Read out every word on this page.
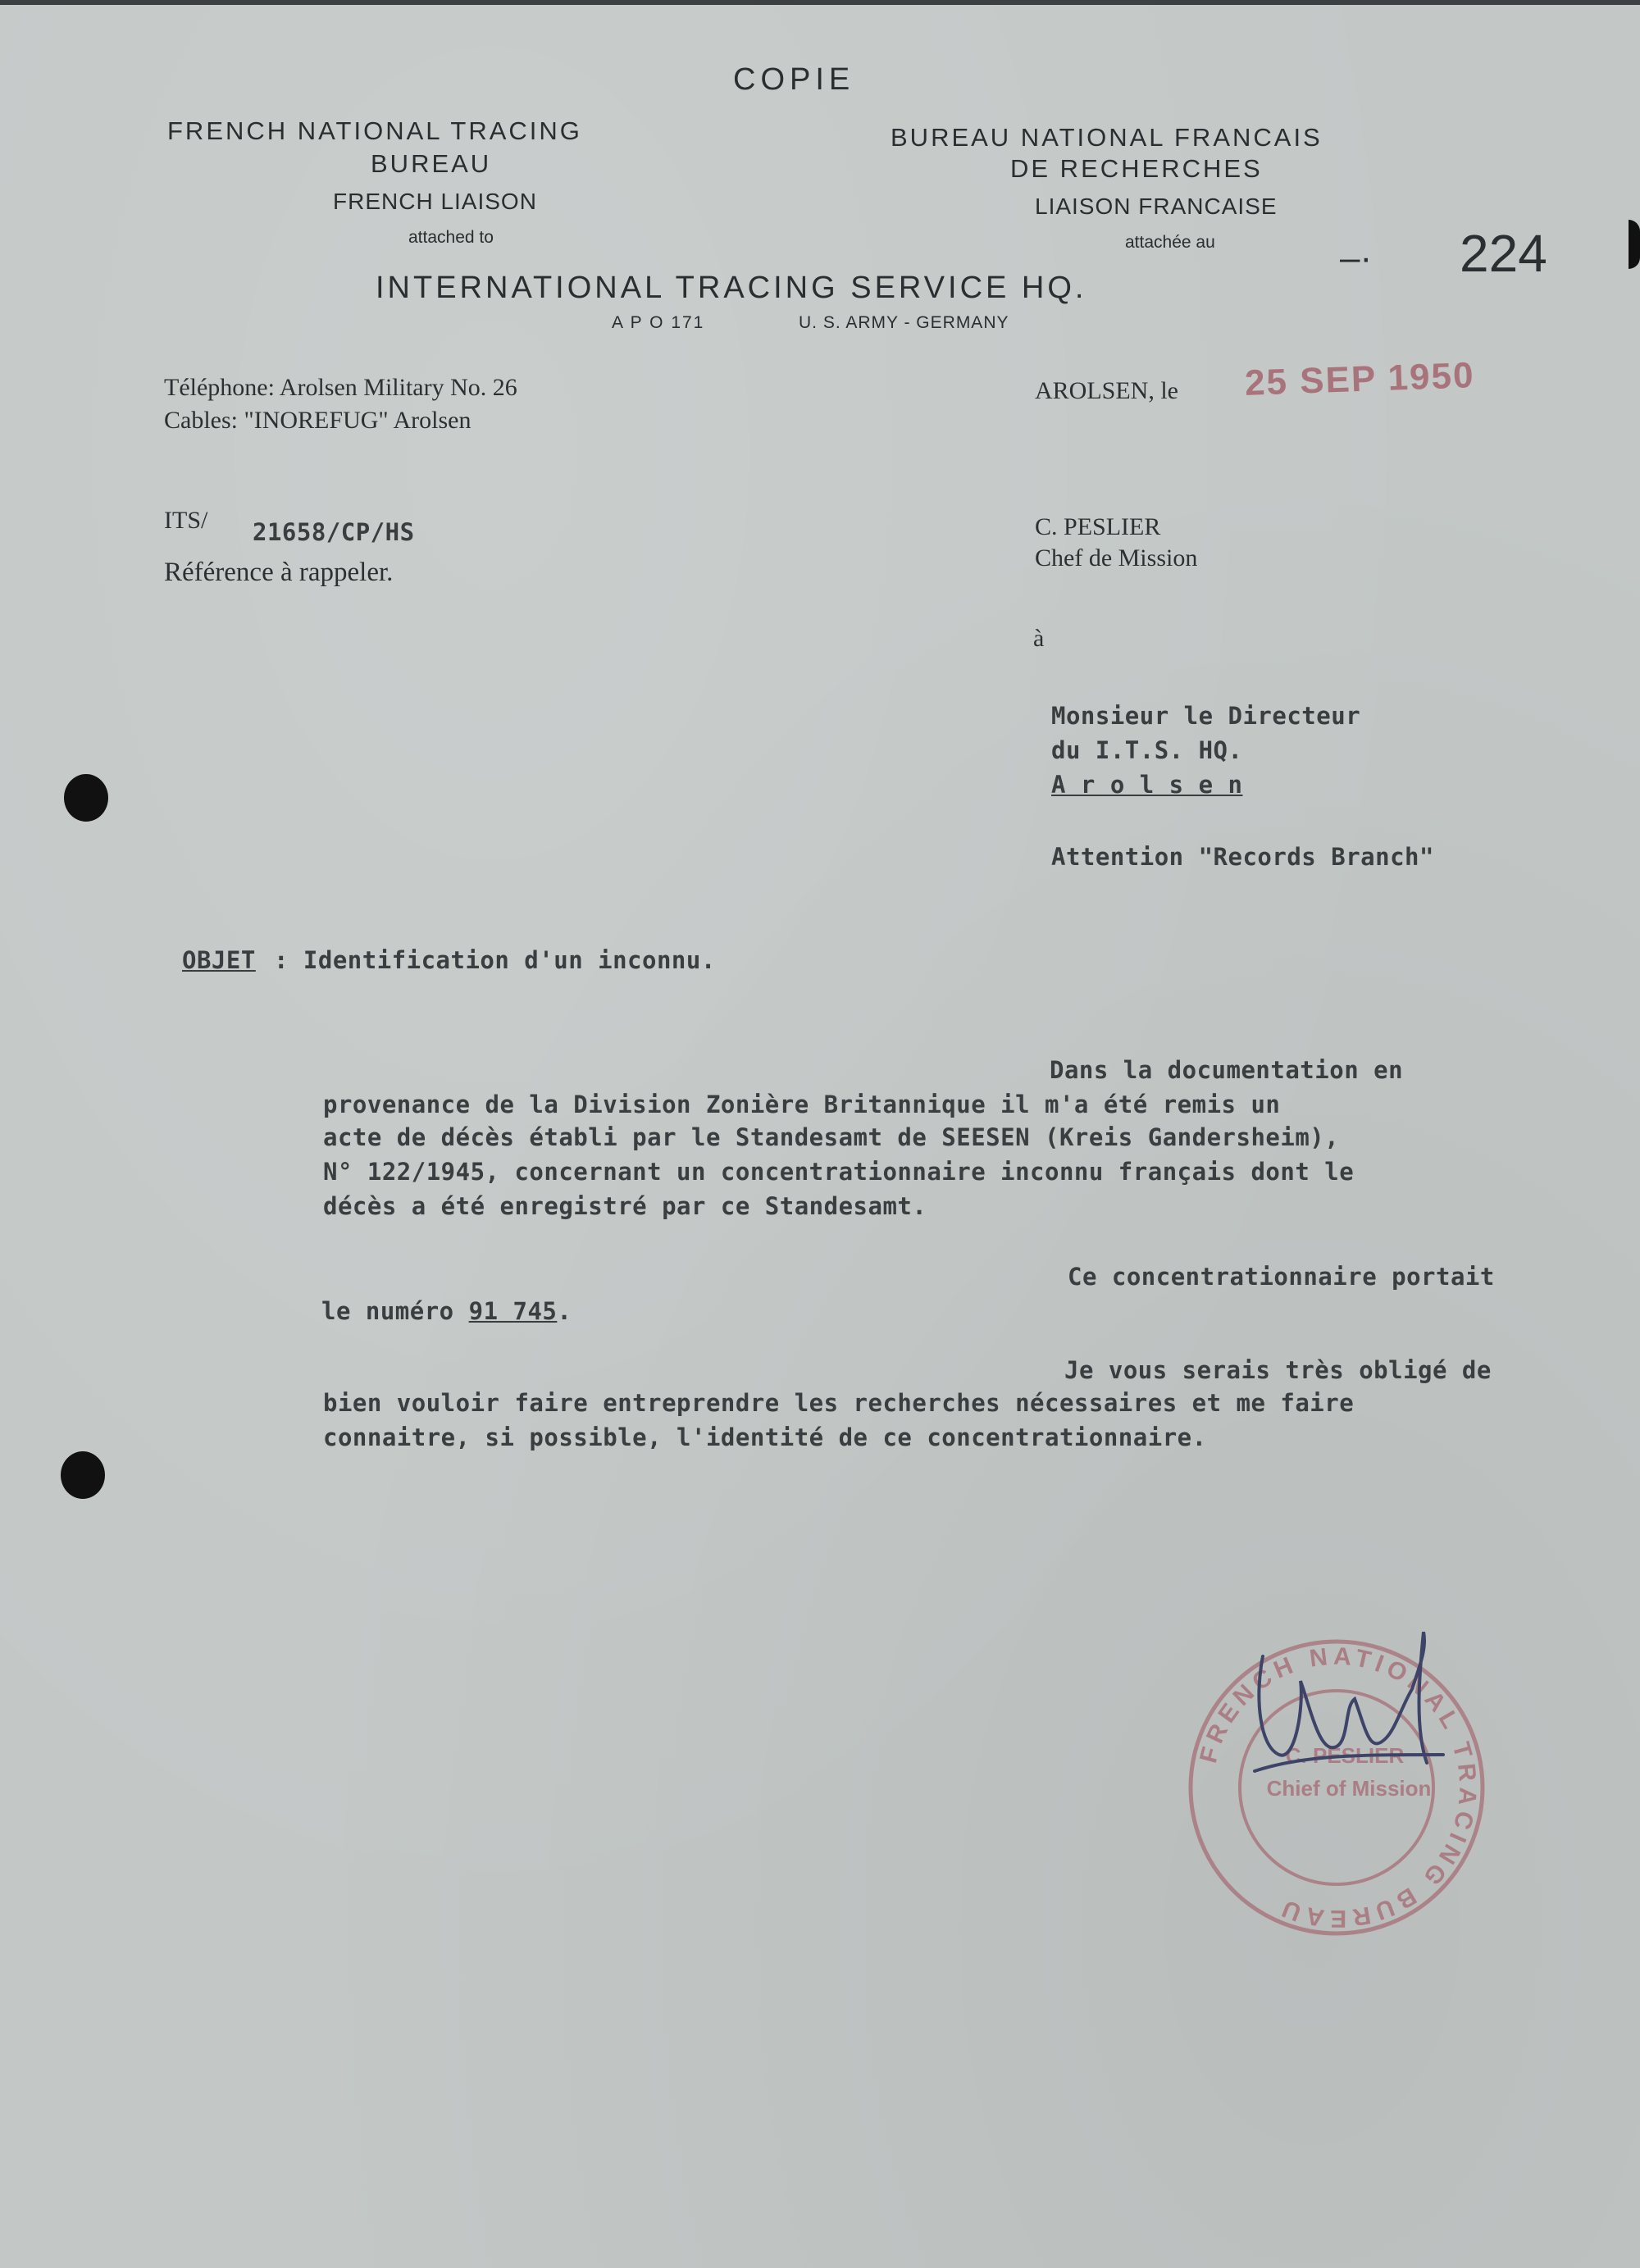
COPIE
FRENCH NATIONAL TRACING
BUREAU
FRENCH LIAISON
attached to
BUREAU NATIONAL FRANCAIS
DE RECHERCHES
LIAISON FRANCAISE
attachée au
INTERNATIONAL TRACING SERVICE HQ.
A P O 171	U. S. ARMY - GERMANY
224
–·
Téléphone: Arolsen Military No. 26
Cables: "INOREFUG" Arolsen
AROLSEN, le 25 SEP 1950
ITS/ 21658/CP/HS
Référence à rappeler.
C. PESLIER
Chef de Mission
à
Monsieur le Directeur
du I.T.S. HQ.
A r o l s e n
Attention "Records Branch"
OBJET : Identification d'un inconnu.
Dans la documentation en
provenance de la Division Zonière Britannique il m'a été remis un
acte de décès établi par le Standesamt de SEESEN (Kreis Gandersheim),
N° 122/1945, concernant un concentrationnaire inconnu français dont le
décès a été enregistré par ce Standesamt.
Ce concentrationnaire portait
le numéro 91 745.
Je vous serais très obligé de
bien vouloir faire entreprendre les recherches nécessaires et me faire
connaitre, si possible, l'identité de ce concentrationnaire.
FRENCH NATIONAL TRACING BUREAU
C. PESLIER
Chief of Mission
